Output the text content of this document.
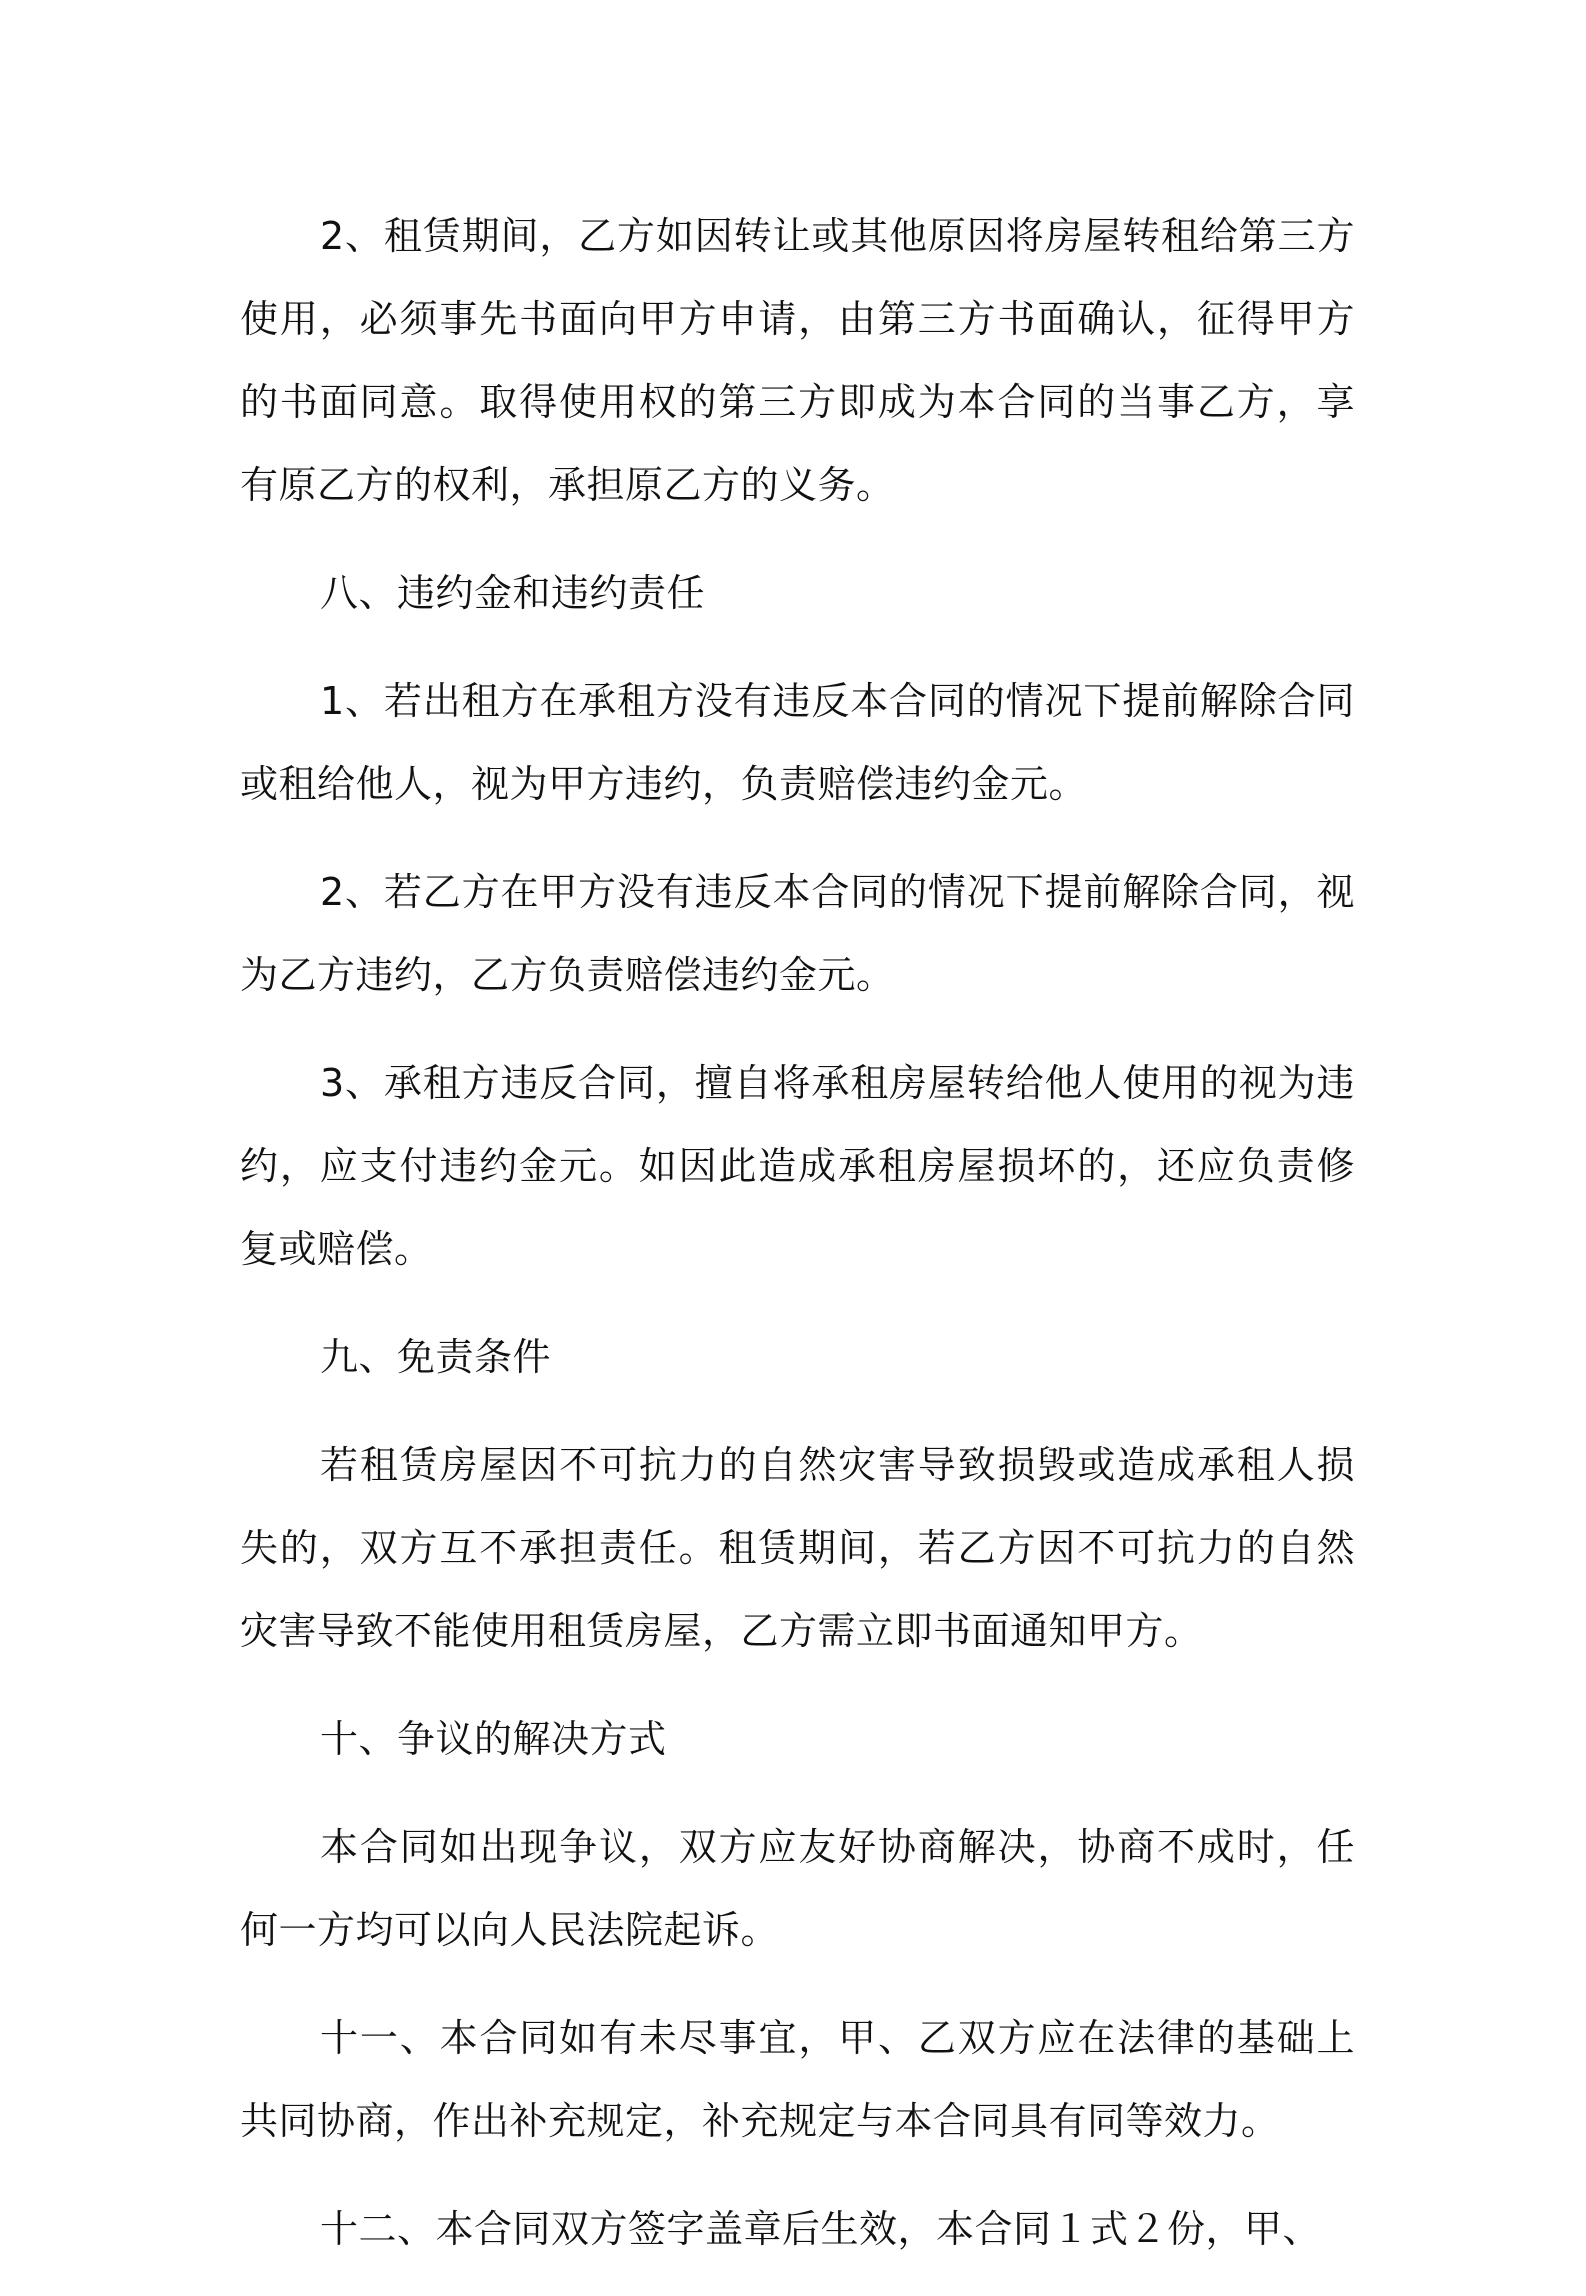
2、租赁期间，乙方如因转让或其他原因将房屋转租给第三方使用，必须事先书面向甲方申请，由第三方书面确认，征得甲方的书面同意。取得使用权的第三方即成为本合同的当事乙方，享有原乙方的权利，承担原乙方的义务。

八、违约金和违约责任

1、若出租方在承租方没有违反本合同的情况下提前解除合同或租给他人，视为甲方违约，负责赔偿违约金元。

2、若乙方在甲方没有违反本合同的情况下提前解除合同，视为乙方违约，乙方负责赔偿违约金元。

3、承租方违反合同，擅自将承租房屋转给他人使用的视为违约，应支付违约金元。如因此造成承租房屋损坏的，还应负责修复或赔偿。

九、免责条件

若租赁房屋因不可抗力的自然灾害导致损毁或造成承租人损失的，双方互不承担责任。租赁期间，若乙方因不可抗力的自然灾害导致不能使用租赁房屋，乙方需立即书面通知甲方。

十、争议的解决方式

本合同如出现争议，双方应友好协商解决，协商不成时，任何一方均可以向人民法院起诉。

十一、本合同如有未尽事宜，甲、乙双方应在法律的基础上共同协商，作出补充规定，补充规定与本合同具有同等效力。

十二、本合同双方签字盖章后生效，本合同１式２份，甲、
